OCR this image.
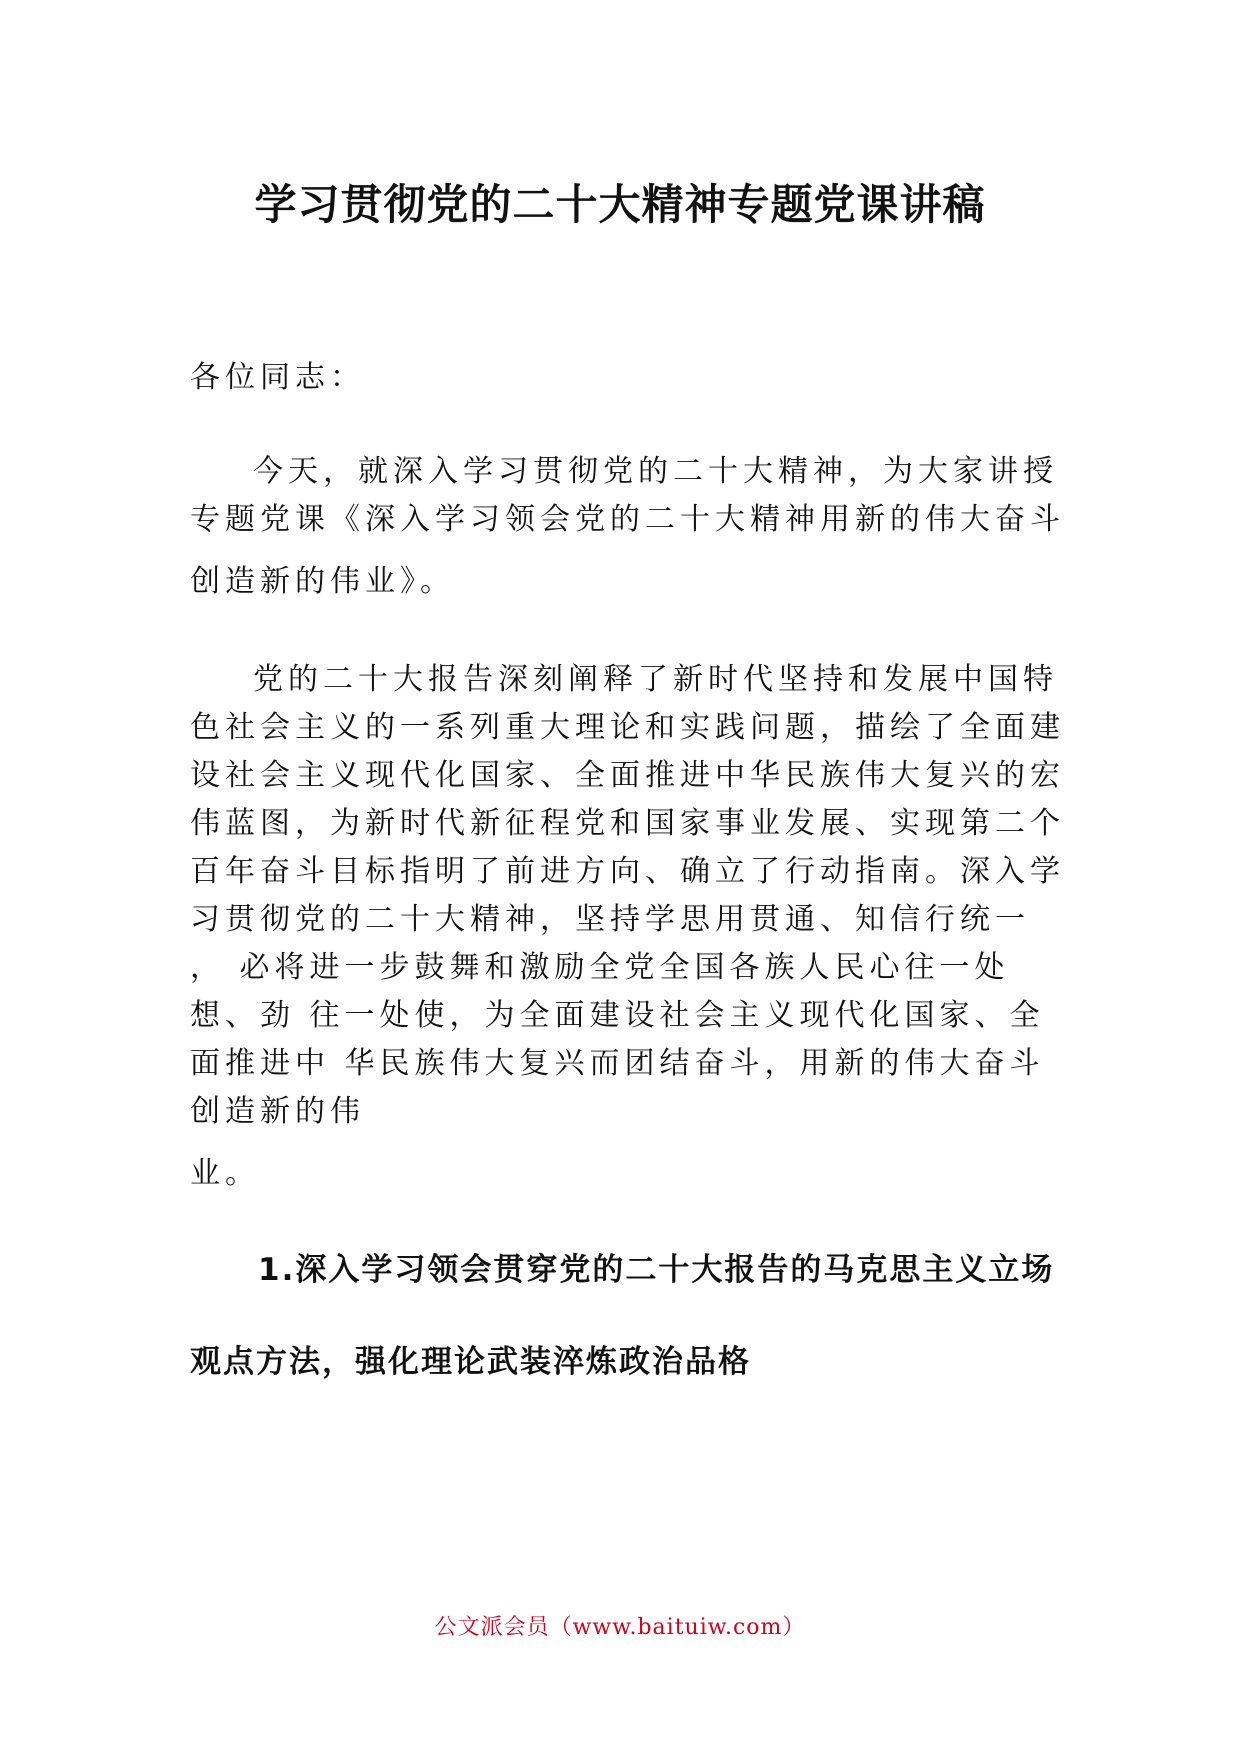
学习贯彻党的二十大精神专题党课讲稿

各位同志：

今天，就深入学习贯彻党的二十大精神，为大家讲授

专题党课《深入学习领会党的二十大精神用新的伟大奋斗

创造新的伟业》。

党的二十大报告深刻阐释了新时代坚持和发展中国特

色社会主义的一系列重大理论和实践问题，描绘了全面建

设社会主义现代化国家、全面推进中华民族伟大复兴的宏

伟蓝图，为新时代新征程党和国家事业发展、实现第二个

百年奋斗目标指明了前进方向、确立了行动指南。深入学

习贯彻党的二十大精神，坚持学思用贯通、知信行统一

， 必将进一步鼓舞和激励全党全国各族人民心往一处

想、劲 往一处使，为全面建设社会主义现代化国家、全

面推进中 华民族伟大复兴而团结奋斗，用新的伟大奋斗

创造新的伟

业。

1.深入学习领会贯穿党的二十大报告的马克思主义立场

观点方法，强化理论武装淬炼政治品格

公文派会员（www.baituiw.com）
